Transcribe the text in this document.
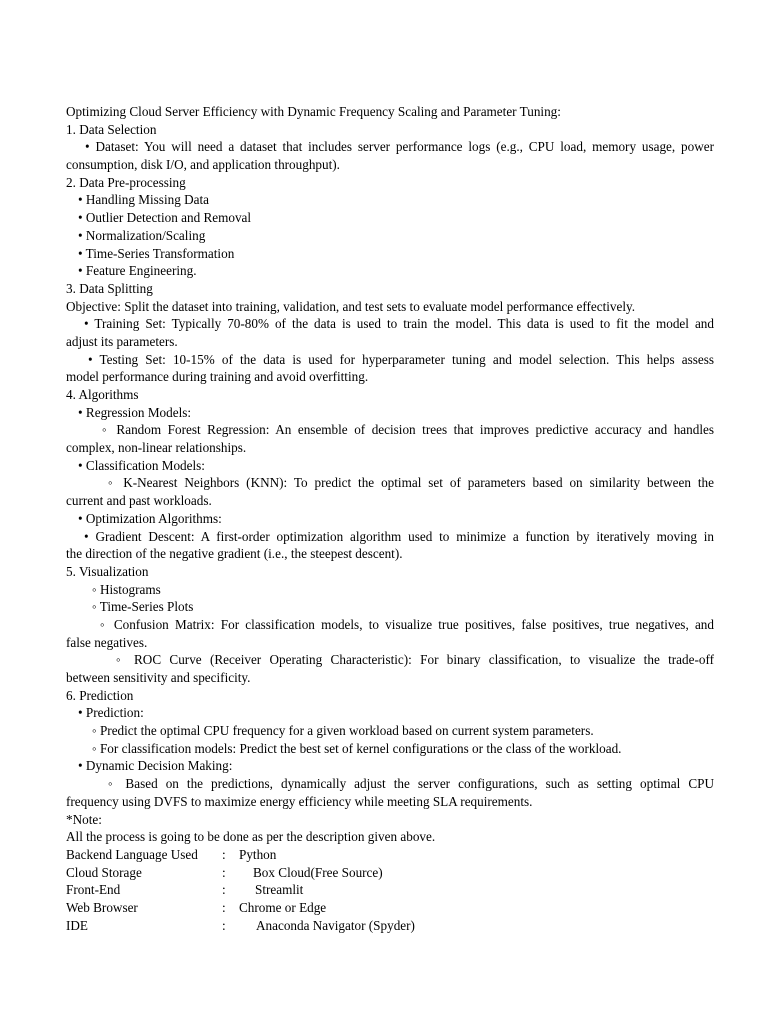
Optimizing Cloud Server Efficiency with Dynamic Frequency Scaling and Parameter Tuning:
1. Data Selection
• Dataset: You will need a dataset that includes server performance logs (e.g., CPU load, memory usage, power
consumption, disk I/O, and application throughput).
2. Data Pre-processing
• Handling Missing Data
• Outlier Detection and Removal
• Normalization/Scaling
• Time-Series Transformation
• Feature Engineering.
3. Data Splitting
Objective: Split the dataset into training, validation, and test sets to evaluate model performance effectively.
• Training Set: Typically 70-80% of the data is used to train the model. This data is used to fit the model and
adjust its parameters.
• Testing Set: 10-15% of the data is used for hyperparameter tuning and model selection. This helps assess
model performance during training and avoid overfitting.
4. Algorithms
• Regression Models:
◦ Random Forest Regression: An ensemble of decision trees that improves predictive accuracy and handles
complex, non-linear relationships.
• Classification Models:
◦ K-Nearest Neighbors (KNN): To predict the optimal set of parameters based on similarity between the
current and past workloads.
• Optimization Algorithms:
• Gradient Descent: A first-order optimization algorithm used to minimize a function by iteratively moving in
the direction of the negative gradient (i.e., the steepest descent).
5. Visualization
◦ Histograms
◦ Time-Series Plots
◦ Confusion Matrix: For classification models, to visualize true positives, false positives, true negatives, and
false negatives.
◦ ROC Curve (Receiver Operating Characteristic): For binary classification, to visualize the trade-off
between sensitivity and specificity.
6. Prediction
• Prediction:
◦ Predict the optimal CPU frequency for a given workload based on current system parameters.
◦ For classification models: Predict the best set of kernel configurations or the class of the workload.
• Dynamic Decision Making:
◦ Based on the predictions, dynamically adjust the server configurations, such as setting optimal CPU
frequency using DVFS to maximize energy efficiency while meeting SLA requirements.
*Note:
All the process is going to be done as per the description given above.
Backend Language Used : Python
Cloud Storage	: Box Cloud(Free Source)
Front-End	: Streamlit
Web Browser	: Chrome or Edge
IDE	: Anaconda Navigator (Spyder)
